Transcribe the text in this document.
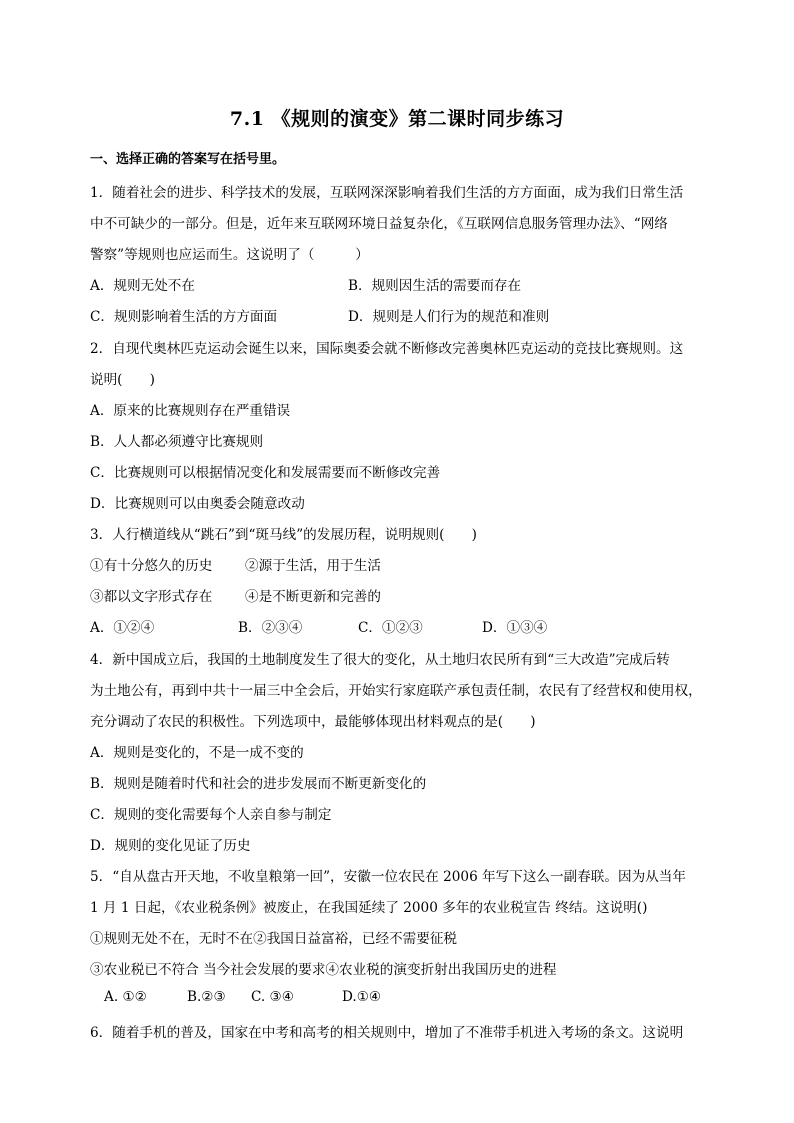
7.1 《规则的演变》第二课时同步练习
一、选择正确的答案写在括号里。
1．随着社会的进步、科学技术的发展，互联网深深影响着我们生活的方方面面，成为我们日常生活
中不可缺少的一部分。但是，近年来互联网环境日益复杂化，《互联网信息服务管理办法》、“网络
警察”等规则也应运而生。这说明了（　　　）
A．规则无处不在	B．规则因生活的需要而存在
C．规则影响着生活的方方面面	D．规则是人们行为的规范和准则
2．自现代奥林匹克运动会诞生以来，国际奥委会就不断修改完善奥林匹克运动的竞技比赛规则。这
说明(　　)
A．原来的比赛规则存在严重错误
B．人人都必须遵守比赛规则
C．比赛规则可以根据情况变化和发展需要而不断修改完善
D．比赛规则可以由奥委会随意改动
3．人行横道线从“跳石”到“斑马线”的发展历程，说明规则(　　)
①有十分悠久的历史 ②源于生活，用于生活
③都以文字形式存在 ④是不断更新和完善的
A．①②④	B．②③④	C．①②③	D．①③④
4．新中国成立后，我国的土地制度发生了很大的变化，从土地归农民所有到“三大改造”完成后转
为土地公有，再到中共十一届三中全会后，开始实行家庭联产承包责任制，农民有了经营权和使用权，
充分调动了农民的积极性。下列选项中，最能够体现出材料观点的是(　　)
A．规则是变化的，不是一成不变的
B．规则是随着时代和社会的进步发展而不断更新变化的
C．规则的变化需要每个人亲自参与制定
D．规则的变化见证了历史
5．“自从盘古开天地，不收皇粮第一回”，安徽一位农民在 2006 年写下这么一副春联。因为从当年
1 月 1 日起，《农业税条例》被废止，在我国延续了 2000 多年的农业税宣告 终结。这说明()
①规则无处不在，无时不在②我国日益富裕，已经不需要征税
③农业税已不符合 当今社会发展的要求④农业税的演变折射出我国历史的进程
A. ①②	B.②③ C. ③④	D.①④
6．随着手机的普及，国家在中考和高考的相关规则中，增加了不准带手机进入考场的条文。这说明
